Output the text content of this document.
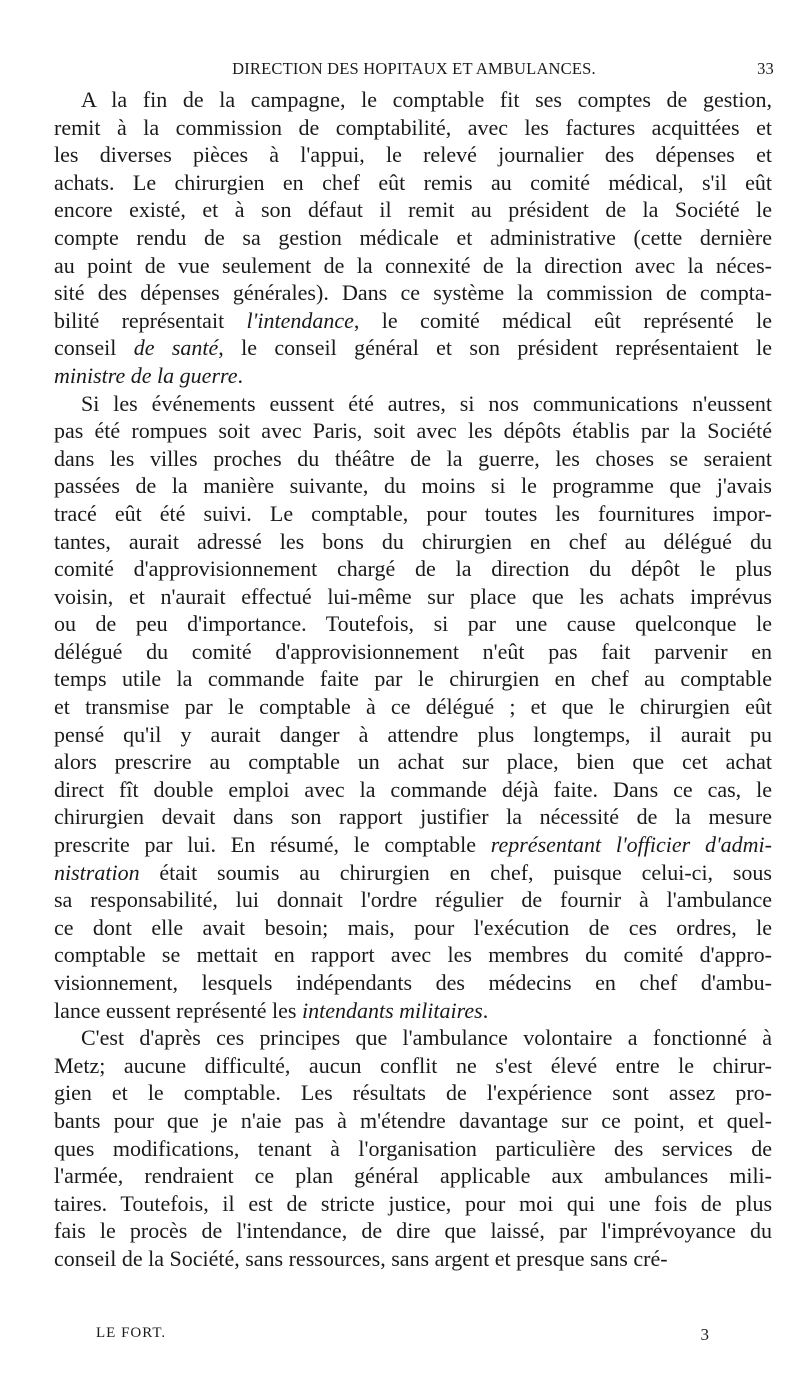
DIRECTION DES HOPITAUX ET AMBULANCES.	33
A la fin de la campagne, le comptable fit ses comptes de gestion,
remit à la commission de comptabilité, avec les factures acquittées et
les diverses pièces à l'appui, le relevé journalier des dépenses et
achats. Le chirurgien en chef eût remis au comité médical, s'il eût
encore existé, et à son défaut il remit au président de la Société le
compte rendu de sa gestion médicale et administrative (cette dernière
au point de vue seulement de la connexité de la direction avec la néces-
sité des dépenses générales). Dans ce système la commission de compta-
bilité représentait l'intendance, le comité médical eût représenté le
conseil de santé, le conseil général et son président représentaient le
ministre de la guerre.
Si les événements eussent été autres, si nos communications n'eussent
pas été rompues soit avec Paris, soit avec les dépôts établis par la Société
dans les villes proches du théâtre de la guerre, les choses se seraient
passées de la manière suivante, du moins si le programme que j'avais
tracé eût été suivi. Le comptable, pour toutes les fournitures impor-
tantes, aurait adressé les bons du chirurgien en chef au délégué du
comité d'approvisionnement chargé de la direction du dépôt le plus
voisin, et n'aurait effectué lui-même sur place que les achats imprévus
ou de peu d'importance. Toutefois, si par une cause quelconque le
délégué du comité d'approvisionnement n'eût pas fait parvenir en
temps utile la commande faite par le chirurgien en chef au comptable
et transmise par le comptable à ce délégué ; et que le chirurgien eût
pensé qu'il y aurait danger à attendre plus longtemps, il aurait pu
alors prescrire au comptable un achat sur place, bien que cet achat
direct fît double emploi avec la commande déjà faite. Dans ce cas, le
chirurgien devait dans son rapport justifier la nécessité de la mesure
prescrite par lui. En résumé, le comptable représentant l'officier d'admi-
nistration était soumis au chirurgien en chef, puisque celui-ci, sous
sa responsabilité, lui donnait l'ordre régulier de fournir à l'ambulance
ce dont elle avait besoin; mais, pour l'exécution de ces ordres, le
comptable se mettait en rapport avec les membres du comité d'appro-
visionnement, lesquels indépendants des médecins en chef d'ambu-
lance eussent représenté les intendants militaires.
C'est d'après ces principes que l'ambulance volontaire a fonctionné à
Metz; aucune difficulté, aucun conflit ne s'est élevé entre le chirur-
gien et le comptable. Les résultats de l'expérience sont assez pro-
bants pour que je n'aie pas à m'étendre davantage sur ce point, et quel-
ques modifications, tenant à l'organisation particulière des services de
l'armée, rendraient ce plan général applicable aux ambulances mili-
taires. Toutefois, il est de stricte justice, pour moi qui une fois de plus
fais le procès de l'intendance, de dire que laissé, par l'imprévoyance du
conseil de la Société, sans ressources, sans argent et presque sans cré-
LE FORT.	3
